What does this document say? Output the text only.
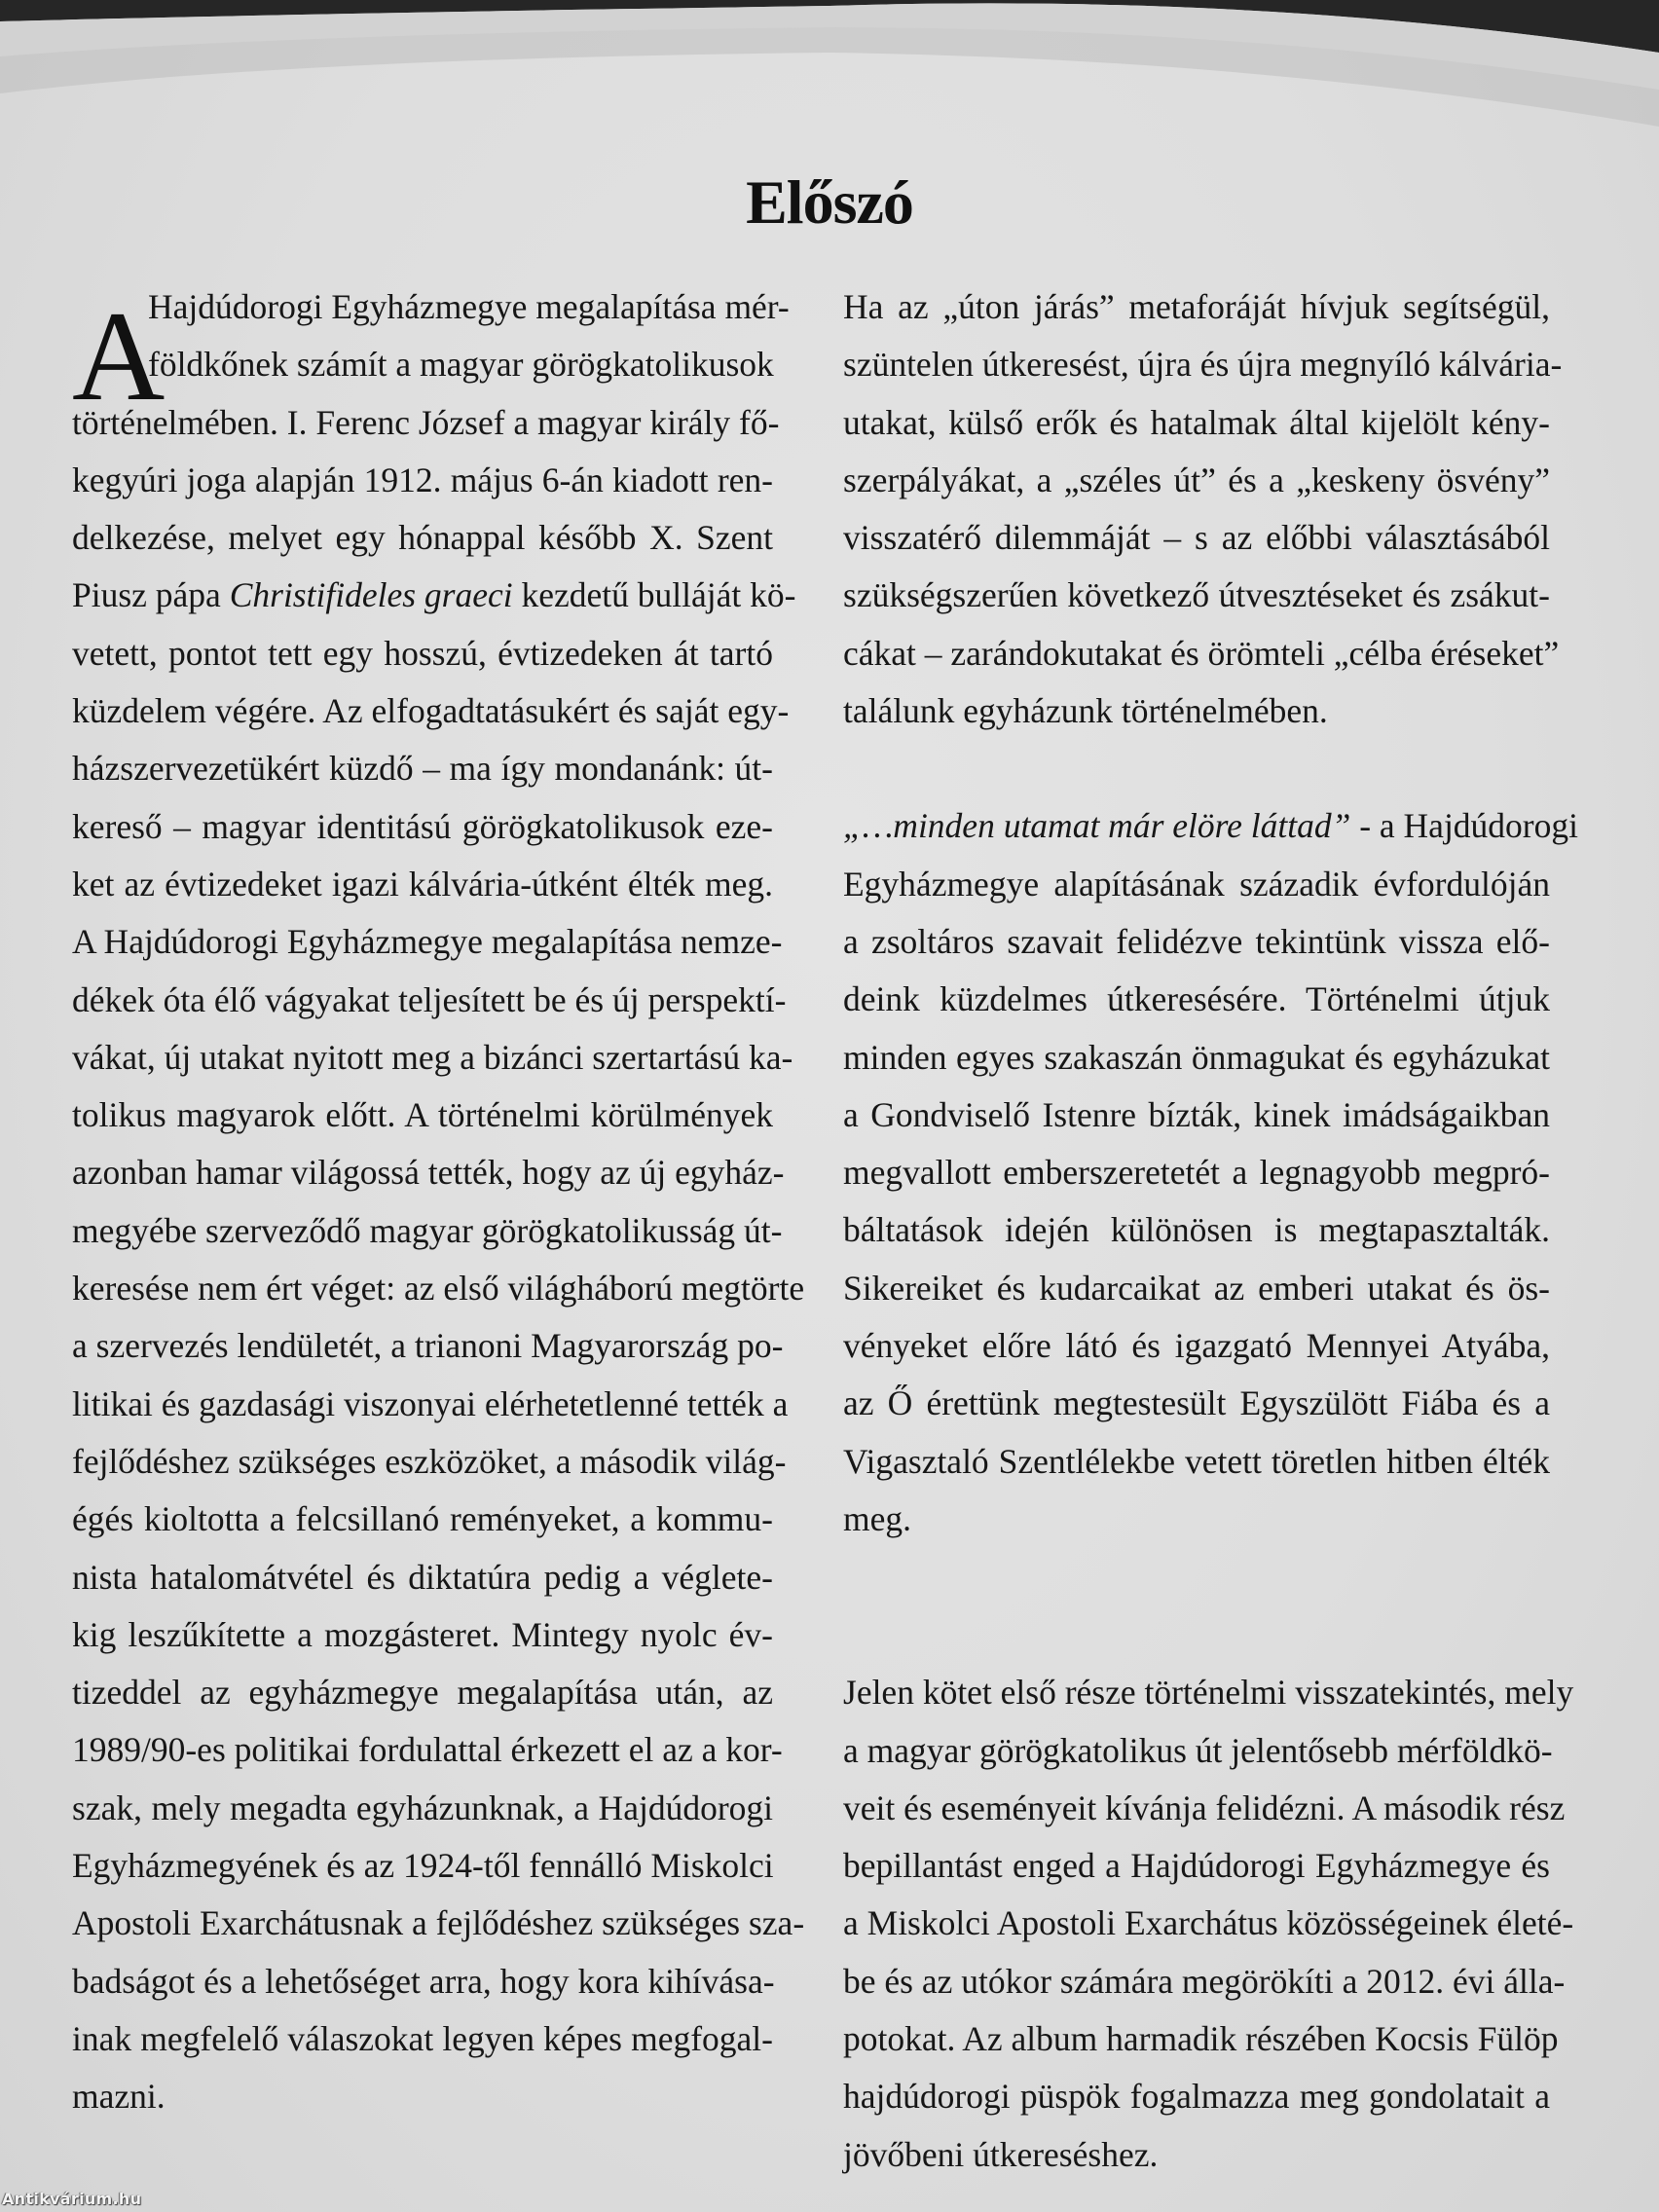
Előszó
A
Hajdúdorogi Egyházmegye megalapítása mér-
földkőnek számít a magyar görögkatolikusok
történelmében. I. Ferenc József a magyar király fő-
kegyúri joga alapján 1912. május 6-án kiadott ren-
delkezése, melyet egy hónappal később X. Szent
Piusz pápa Christifideles graeci kezdetű bulláját kö-
vetett, pontot tett egy hosszú, évtizedeken át tartó
küzdelem végére. Az elfogadtatásukért és saját egy-
házszervezetükért küzdő – ma így mondanánk: út-
kereső – magyar identitású görögkatolikusok eze-
ket az évtizedeket igazi kálvária-útként élték meg.
A Hajdúdorogi Egyházmegye megalapítása nemze-
dékek óta élő vágyakat teljesített be és új perspektí-
vákat, új utakat nyitott meg a bizánci szertartású ka-
tolikus magyarok előtt. A történelmi körülmények
azonban hamar világossá tették, hogy az új egyház-
megyébe szerveződő magyar görögkatolikusság út-
keresése nem ért véget: az első világháború megtörte
a szervezés lendületét, a trianoni Magyarország po-
litikai és gazdasági viszonyai elérhetetlenné tették a
fejlődéshez szükséges eszközöket, a második világ-
égés kioltotta a felcsillanó reményeket, a kommu-
nista hatalomátvétel és diktatúra pedig a véglete-
kig leszűkítette a mozgásteret. Mintegy nyolc év-
tizeddel az egyházmegye megalapítása után, az
1989/90-es politikai fordulattal érkezett el az a kor-
szak, mely megadta egyházunknak, a Hajdúdorogi
Egyházmegyének és az 1924-től fennálló Miskolci
Apostoli Exarchátusnak a fejlődéshez szükséges sza-
badságot és a lehetőséget arra, hogy kora kihívása-
inak megfelelő válaszokat legyen képes megfogal-
mazni.
Ha az „úton járás” metaforáját hívjuk segítségül,
szüntelen útkeresést, újra és újra megnyíló kálvária-
utakat, külső erők és hatalmak által kijelölt kény-
szerpályákat, a „széles út” és a „keskeny ösvény”
visszatérő dilemmáját – s az előbbi választásából
szükségszerűen következő útvesztéseket és zsákut-
cákat – zarándokutakat és örömteli „célba éréseket”
találunk egyházunk történelmében.
„…minden utamat már elöre láttad” - a Hajdúdorogi
Egyházmegye alapításának századik évfordulóján
a zsoltáros szavait felidézve tekintünk vissza elő-
deink küzdelmes útkeresésére. Történelmi útjuk
minden egyes szakaszán önmagukat és egyházukat
a Gondviselő Istenre bízták, kinek imádságaikban
megvallott emberszeretetét a legnagyobb megpró-
báltatások idején különösen is megtapasztalták.
Sikereiket és kudarcaikat az emberi utakat és ös-
vényeket előre látó és igazgató Mennyei Atyába,
az Ő érettünk megtestesült Egyszülött Fiába és a
Vigasztaló Szentlélekbe vetett töretlen hitben élték
meg.
Jelen kötet első része történelmi visszatekintés, mely
a magyar görögkatolikus út jelentősebb mérföldkö-
veit és eseményeit kívánja felidézni. A második rész
bepillantást enged a Hajdúdorogi Egyházmegye és
a Miskolci Apostoli Exarchátus közösségeinek életé-
be és az utókor számára megörökíti a 2012. évi álla-
potokat. Az album harmadik részében Kocsis Fülöp
hajdúdorogi püspök fogalmazza meg gondolatait a
jövőbeni útkereséshez.
Antikvárium.hu
